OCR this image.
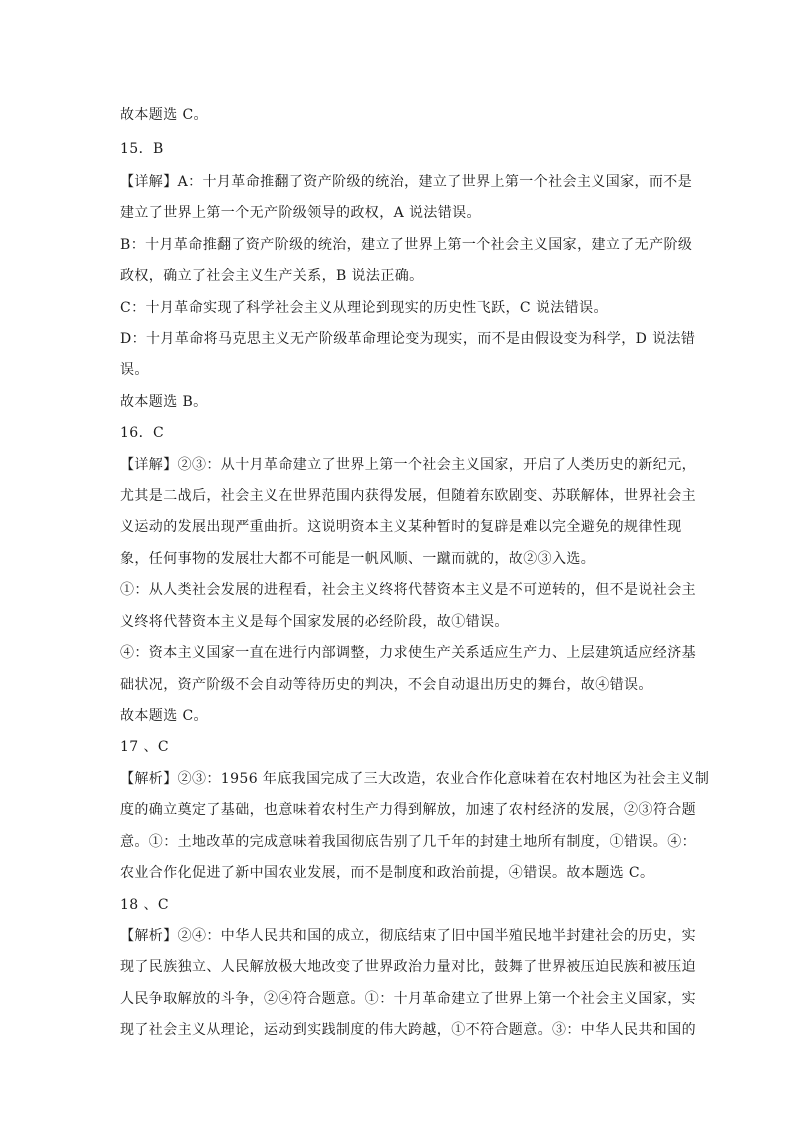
故本题选 C。
15．B
【详解】A：十月革命推翻了资产阶级的统治，建立了世界上第一个社会主义国家，而不是
建立了世界上第一个无产阶级领导的政权，A 说法错误。
B：十月革命推翻了资产阶级的统治，建立了世界上第一个社会主义国家，建立了无产阶级
政权，确立了社会主义生产关系，B 说法正确。
C：十月革命实现了科学社会主义从理论到现实的历史性飞跃，C 说法错误。
D：十月革命将马克思主义无产阶级革命理论变为现实，而不是由假设变为科学，D 说法错
误。
故本题选 B。
16．C
【详解】②③：从十月革命建立了世界上第一个社会主义国家，开启了人类历史的新纪元，
尤其是二战后，社会主义在世界范围内获得发展，但随着东欧剧变、苏联解体，世界社会主
义运动的发展出现严重曲折。这说明资本主义某种暂时的复辟是难以完全避免的规律性现
象，任何事物的发展壮大都不可能是一帆风顺、一蹴而就的，故②③入选。
①：从人类社会发展的进程看，社会主义终将代替资本主义是不可逆转的，但不是说社会主
义终将代替资本主义是每个国家发展的必经阶段，故①错误。
④：资本主义国家一直在进行内部调整，力求使生产关系适应生产力、上层建筑适应经济基
础状况，资产阶级不会自动等待历史的判决，不会自动退出历史的舞台，故④错误。
故本题选 C。
17 、C
【解析】②③：1956 年底我国完成了三大改造，农业合作化意味着在农村地区为社会主义制
度的确立奠定了基础，也意味着农村生产力得到解放，加速了农村经济的发展，②③符合题
意。①：土地改革的完成意味着我国彻底告别了几千年的封建土地所有制度，①错误。④：
农业合作化促进了新中国农业发展，而不是制度和政治前提，④错误。故本题选 C。
18 、C
【解析】②④：中华人民共和国的成立，彻底结束了旧中国半殖民地半封建社会的历史，实
现了民族独立、人民解放极大地改变了世界政治力量对比，鼓舞了世界被压迫民族和被压迫
人民争取解放的斗争，②④符合题意。①：十月革命建立了世界上第一个社会主义国家，实
现了社会主义从理论，运动到实践制度的伟大跨越，①不符合题意。③：中华人民共和国的
